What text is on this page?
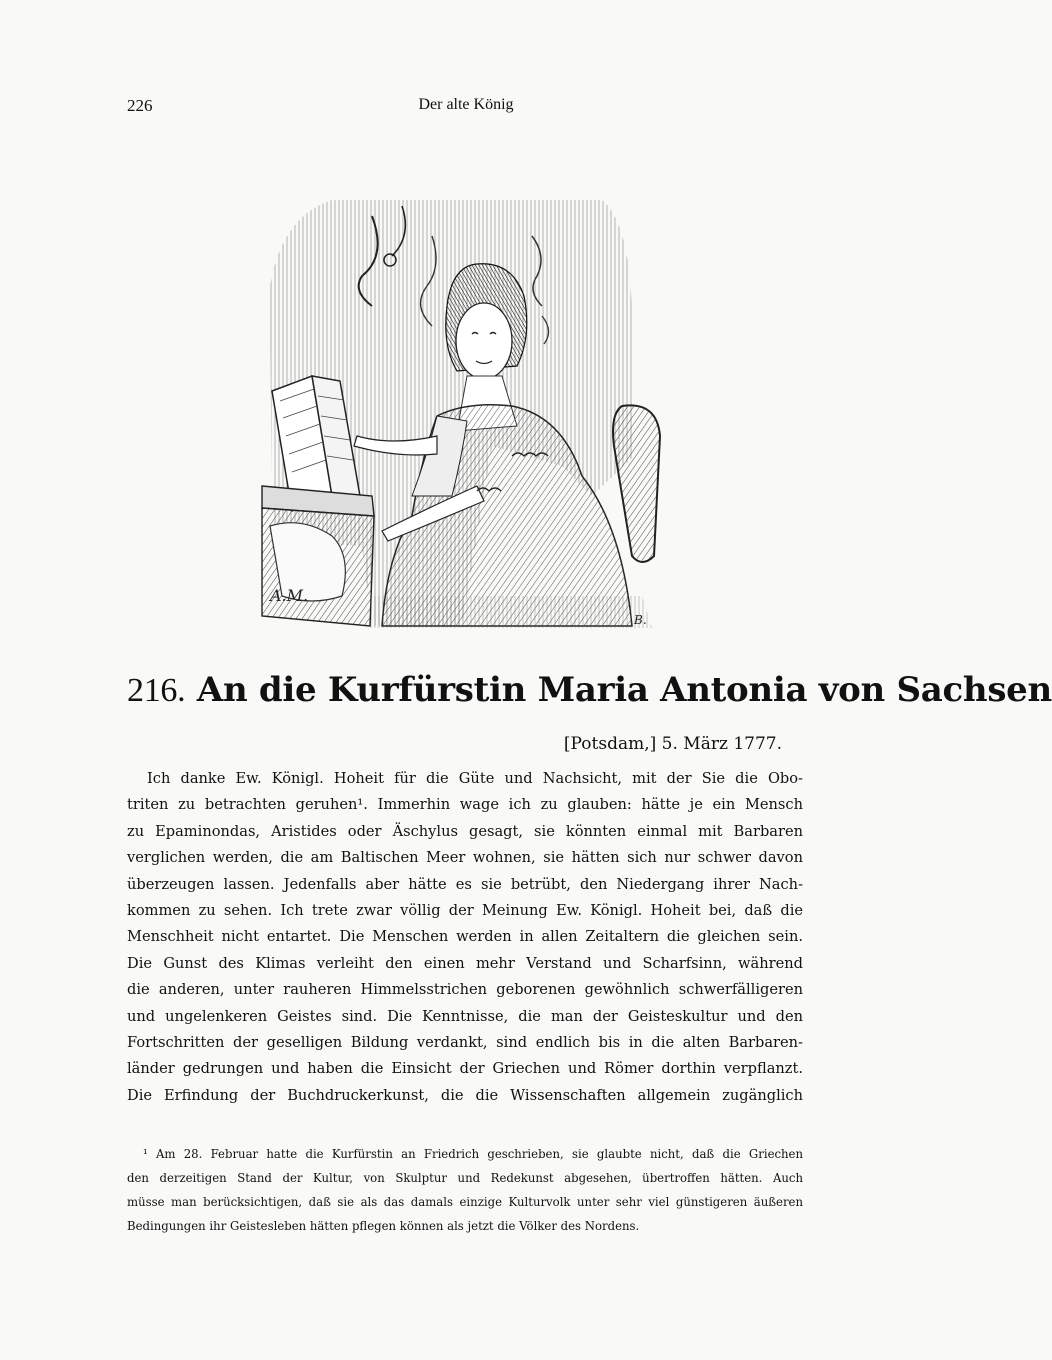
226	Der alte König
A.M.
B.
216. An die Kurfürstin Maria Antonia von Sachsen
[Potsdam,] 5. März 1777.
Ich danke Ew. Königl. Hoheit für die Güte und Nachsicht, mit der Sie die Obo-
triten zu betrachten geruhen¹. Immerhin wage ich zu glauben: hätte je ein Mensch
zu Epaminondas, Aristides oder Äschylus gesagt, sie könnten einmal mit Barbaren
verglichen werden, die am Baltischen Meer wohnen, sie hätten sich nur schwer davon
überzeugen lassen. Jedenfalls aber hätte es sie betrübt, den Niedergang ihrer Nach-
kommen zu sehen. Ich trete zwar völlig der Meinung Ew. Königl. Hoheit bei, daß die
Menschheit nicht entartet. Die Menschen werden in allen Zeitaltern die gleichen sein.
Die Gunst des Klimas verleiht den einen mehr Verstand und Scharfsinn, während
die anderen, unter rauheren Himmelsstrichen geborenen gewöhnlich schwerfälligeren
und ungelenkeren Geistes sind. Die Kenntnisse, die man der Geisteskultur und den
Fortschritten der geselligen Bildung verdankt, sind endlich bis in die alten Barbaren-
länder gedrungen und haben die Einsicht der Griechen und Römer dorthin verpflanzt.
Die Erfindung der Buchdruckerkunst, die die Wissenschaften allgemein zugänglich
¹ Am 28. Februar hatte die Kurfürstin an Friedrich geschrieben, sie glaubte nicht, daß die Griechen
den derzeitigen Stand der Kultur, von Skulptur und Redekunst abgesehen, übertroffen hätten. Auch
müsse man berücksichtigen, daß sie als das damals einzige Kulturvolk unter sehr viel günstigeren äußeren
Bedingungen ihr Geistesleben hätten pflegen können als jetzt die Völker des Nordens.
